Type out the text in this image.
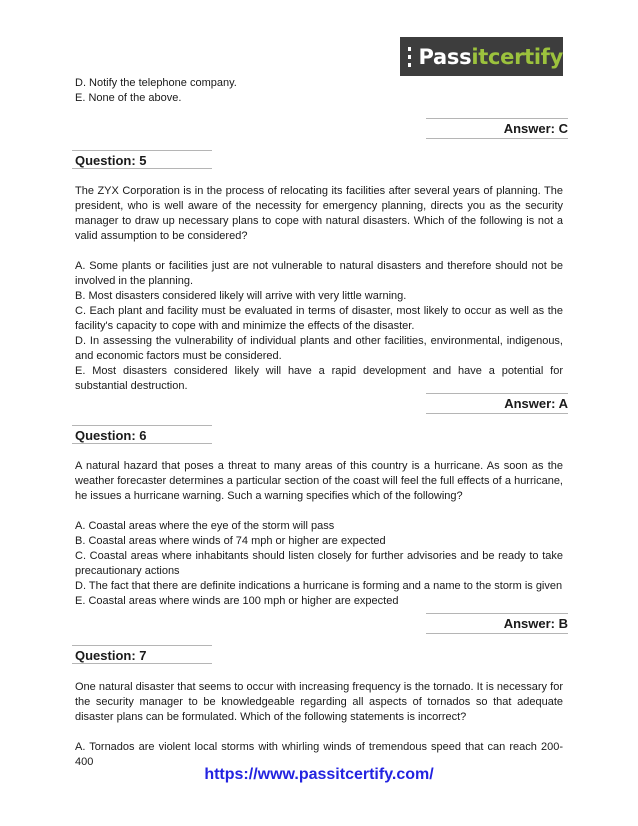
Passitcertify

D. Notify the telephone company.

E. None of the above.

Answer: C
Question: 5

The ZYX Corporation is in the process of relocating its facilities after several years of planning. The president, who is well aware of the necessity for emergency planning, directs you as the security manager to draw up necessary plans to cope with natural disasters. Which of the following is not a valid assumption to be considered?

A. Some plants or facilities just are not vulnerable to natural disasters and therefore should not be involved in the planning.

B. Most disasters considered likely will arrive with very little warning.

C. Each plant and facility must be evaluated in terms of disaster, most likely to occur as well as the facility's capacity to cope with and minimize the effects of the disaster.

D. In assessing the vulnerability of individual plants and other facilities, environmental, indigenous, and economic factors must be considered.

E. Most disasters considered likely will have a rapid development and have a potential for substantial destruction.

Answer: A
Question: 6

A natural hazard that poses a threat to many areas of this country is a hurricane. As soon as the weather forecaster determines a particular section of the coast will feel the full effects of a hurricane, he issues a hurricane warning. Such a warning specifies which of the following?

A. Coastal areas where the eye of the storm will pass

B. Coastal areas where winds of 74 mph or higher are expected

C. Coastal areas where inhabitants should listen closely for further advisories and be ready to take precautionary actions

D. The fact that there are definite indications a hurricane is forming and a name to the storm is given

E. Coastal areas where winds are 100 mph or higher are expected

Answer: B
Question: 7

One natural disaster that seems to occur with increasing frequency is the tornado. It is necessary for the security manager to be knowledgeable regarding all aspects of tornados so that adequate disaster plans can be formulated. Which of the following statements is incorrect?

A. Tornados are violent local storms with whirling winds of tremendous speed that can reach 200-400

https://www.passitcertify.com/
